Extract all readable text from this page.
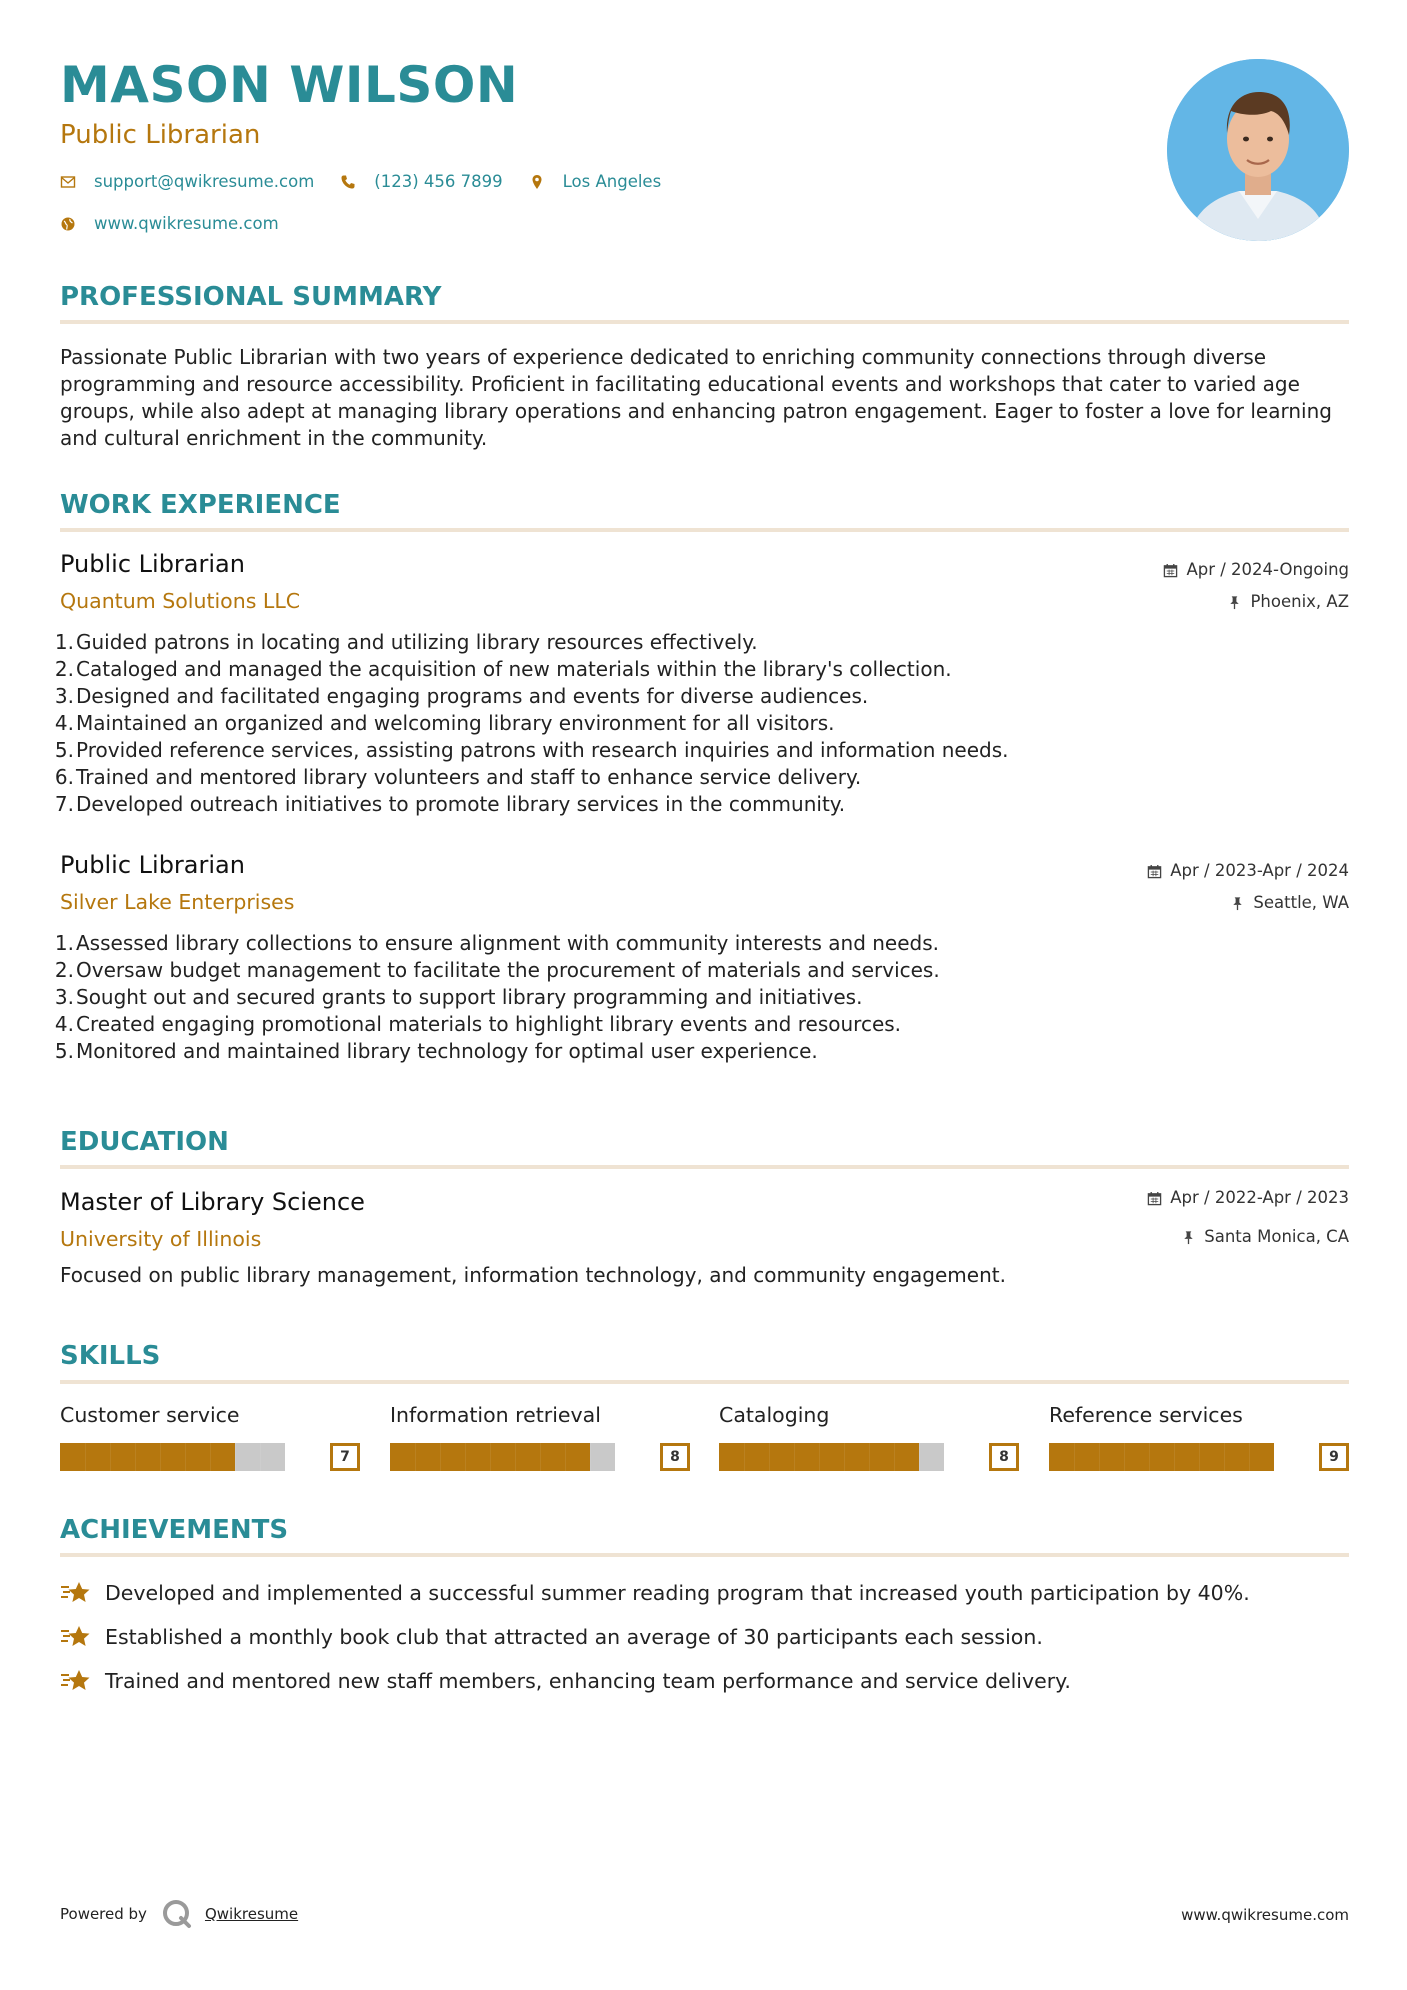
MASON WILSON
Public Librarian
support@qwikresume.com	(123) 456 7899	Los Angeles
www.qwikresume.com
PROFESSIONAL SUMMARY
Passionate Public Librarian with two years of experience dedicated to enriching community connections through diverse programming and resource accessibility. Proficient in facilitating educational events and workshops that cater to varied age groups, while also adept at managing library operations and enhancing patron engagement. Eager to foster a love for learning and cultural enrichment in the community.
WORK EXPERIENCE
Public Librarian
Quantum Solutions LLC
Apr / 2024-Ongoing
Phoenix, AZ
1. Guided patrons in locating and utilizing library resources effectively.
2. Cataloged and managed the acquisition of new materials within the library's collection.
3. Designed and facilitated engaging programs and events for diverse audiences.
4. Maintained an organized and welcoming library environment for all visitors.
5. Provided reference services, assisting patrons with research inquiries and information needs.
6. Trained and mentored library volunteers and staff to enhance service delivery.
7. Developed outreach initiatives to promote library services in the community.
Public Librarian
Silver Lake Enterprises
Apr / 2023-Apr / 2024
Seattle, WA
1. Assessed library collections to ensure alignment with community interests and needs.
2. Oversaw budget management to facilitate the procurement of materials and services.
3. Sought out and secured grants to support library programming and initiatives.
4. Created engaging promotional materials to highlight library events and resources.
5. Monitored and maintained library technology for optimal user experience.
EDUCATION
Master of Library Science
University of Illinois
Apr / 2022-Apr / 2023
Santa Monica, CA
Focused on public library management, information technology, and community engagement.
SKILLS
Customer service
7
Information retrieval
8
Cataloging
8
Reference services
9
ACHIEVEMENTS
Developed and implemented a successful summer reading program that increased youth participation by 40%.
Established a monthly book club that attracted an average of 30 participants each session.
Trained and mentored new staff members, enhancing team performance and service delivery.
Powered by	Qwikresume	www.qwikresume.com
